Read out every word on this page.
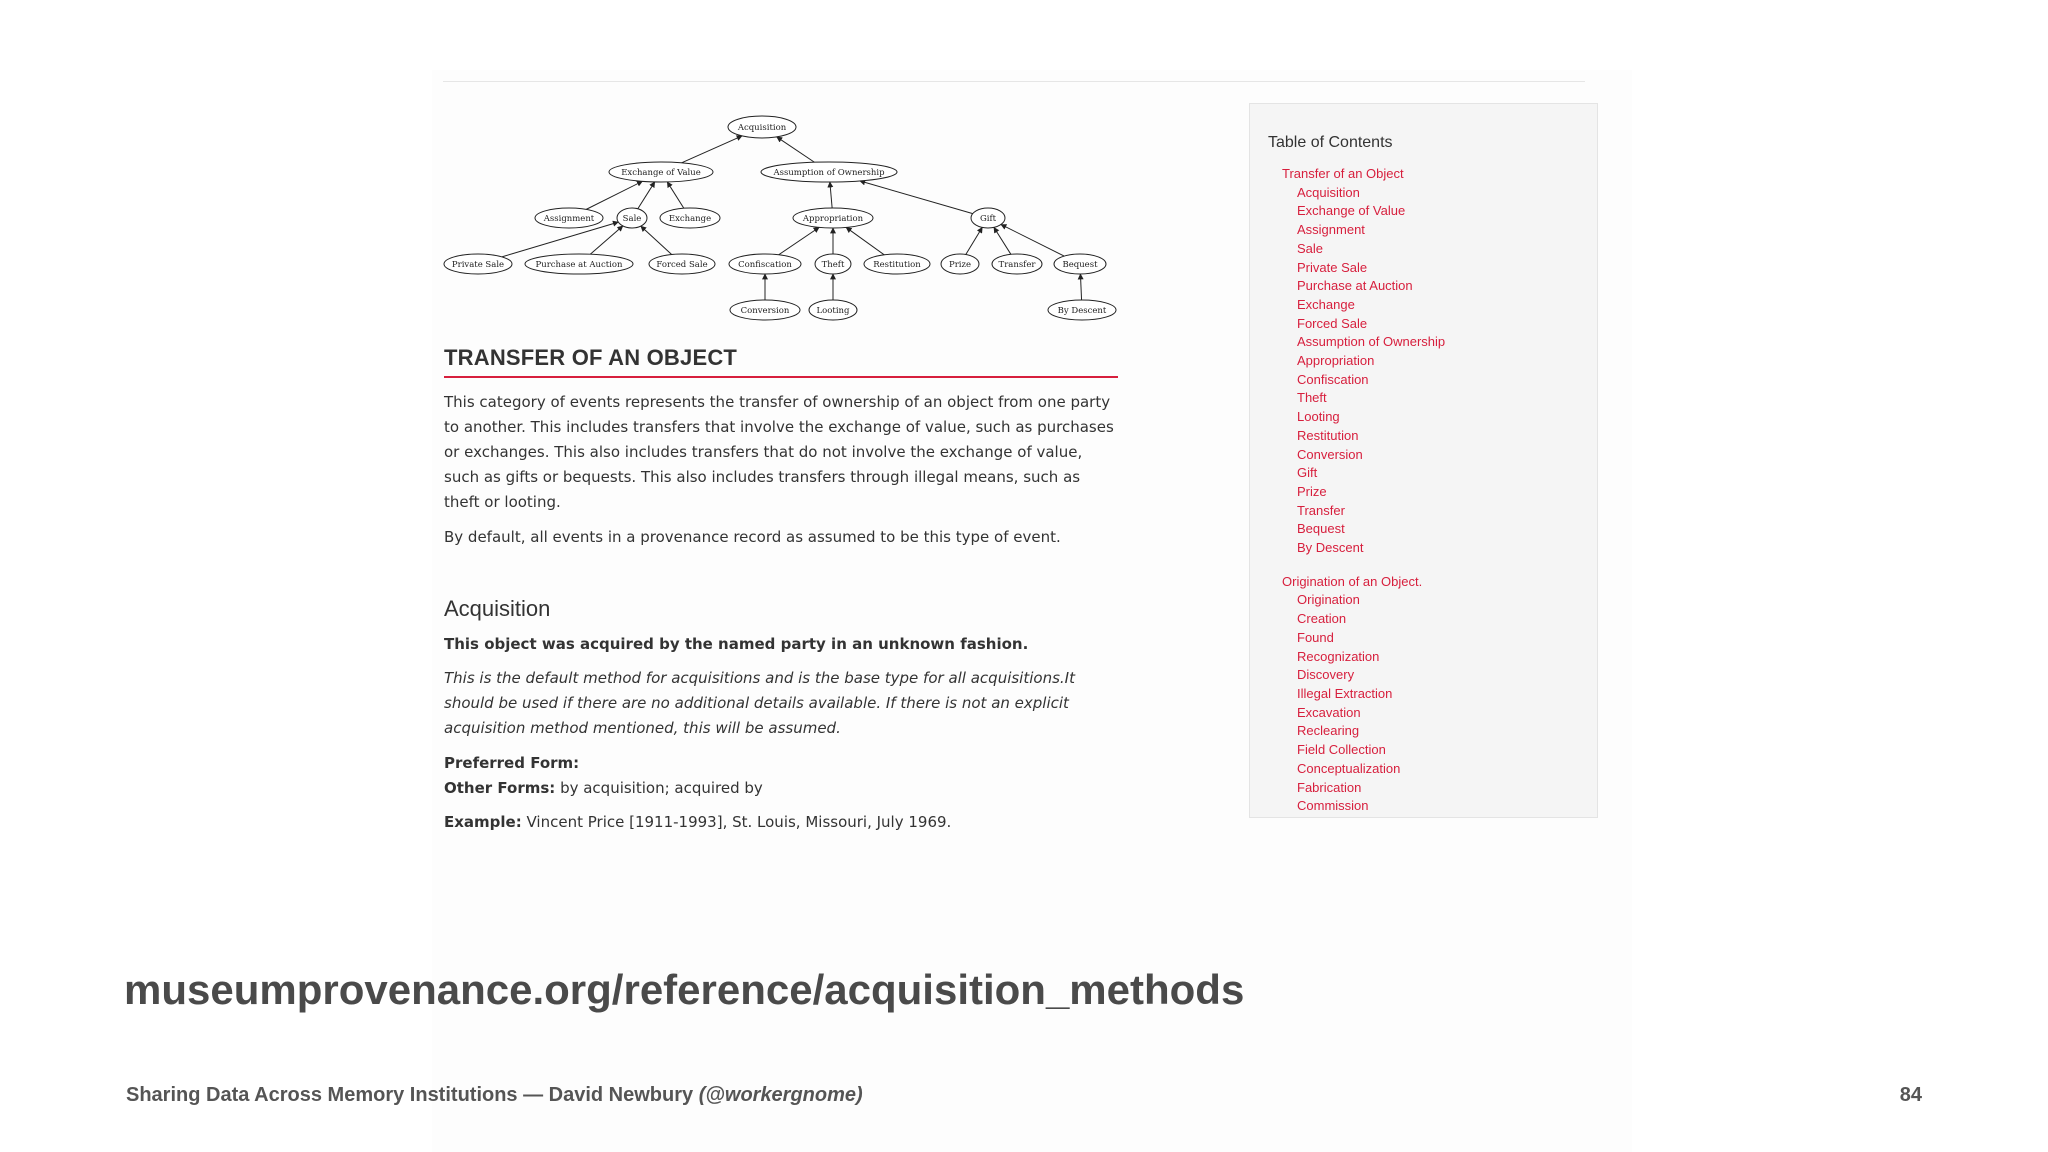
Acquisition
Exchange of Value	Assumption of Ownership
Assignment	Sale	Exchange	Appropriation	Gift
Private Sale	Purchase at Auction	Forced Sale	Confiscation	Theft	Restitution	Prize	Transfer	Bequest
Conversion	Looting	By Descent
TRANSFER OF AN OBJECT

This category of events represents the transfer of ownership of an object from one party to another. This includes transfers that involve the exchange of value, such as purchases or exchanges. This also includes transfers that do not involve the exchange of value, such as gifts or bequests. This also includes transfers through illegal means, such as theft or looting.

By default, all events in a provenance record as assumed to be this type of event.

Acquisition

This object was acquired by the named party in an unknown fashion.

This is the default method for acquisitions and is the base type for all acquisitions.It should be used if there are no additional details available. If there is not an explicit acquisition method mentioned, this will be assumed.

Preferred Form:
Other Forms: by acquisition; acquired by

Example: Vincent Price [1911-1993], St. Louis, Missouri, July 1969.

Table of Contents
Transfer of an Object
Acquisition
Exchange of Value
Assignment
Sale
Private Sale
Purchase at Auction
Exchange
Forced Sale
Assumption of Ownership
Appropriation
Confiscation
Theft
Looting
Restitution
Conversion
Gift
Prize
Transfer
Bequest
By Descent
Origination of an Object.
Origination
Creation
Found
Recognization
Discovery
Illegal Extraction
Excavation
Reclearing
Field Collection
Conceptualization
Fabrication
Commission
museumprovenance.org/reference/acquisition_methods
Sharing Data Across Memory Institutions — David Newbury (@workergnome)	84
